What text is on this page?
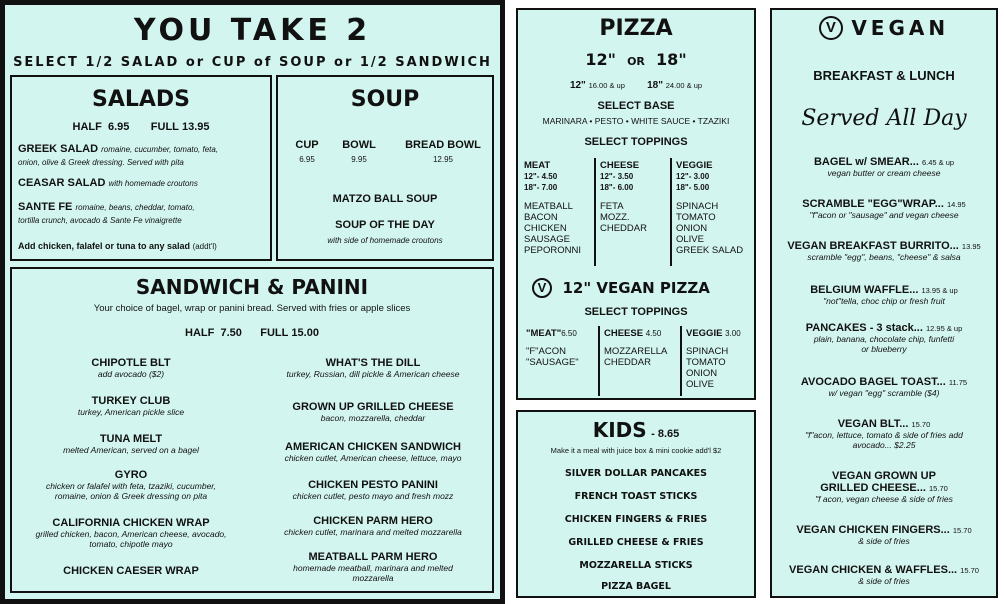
YOU TAKE 2
SELECT 1/2 SALAD or CUP of SOUP or 1/2 SANDWICH
SALADS
HALF 6.95 FULL 13.95
GREEK SALAD romaine, cucumber, tomato, feta,
onion, olive & Greek dressing. Served with pita
CEASAR SALAD with homemade croutons
SANTE FE romaine, beans, cheddar, tomato,
tortilla crunch, avocado & Sante Fe vinaigrette
Add chicken, falafel or tuna to any salad (addt'l)
SOUP
CUP
6.95
BOWL
9.95
BREAD BOWL
12.95
MATZO BALL SOUP
SOUP OF THE DAY
with side of homemade croutons
SANDWICH & PANINI
Your choice of bagel, wrap or panini bread. Served with fries or apple slices
HALF 7.50 FULL 15.00
CHIPOTLE BLT
add avocado ($2)
TURKEY CLUB
turkey, American pickle slice
TUNA MELT
melted American, served on a bagel
GYRO
chicken or falafel with feta, tzaziki, cucumber,
romaine, onion & Greek dressing on pita
CALIFORNIA CHICKEN WRAP
grilled chicken, bacon, American cheese, avocado,
tomato, chipotle mayo
CHICKEN CAESER WRAP
WHAT'S THE DILL
turkey, Russian, dill pickle & American cheese
GROWN UP GRILLED CHEESE
bacon, mozzarella, cheddar
AMERICAN CHICKEN SANDWICH
chicken cutlet, American cheese, lettuce, mayo
CHICKEN PESTO PANINI
chicken cutlet, pesto mayo and fresh mozz
CHICKEN PARM HERO
chicken cutlet, marinara and melted mozzarella
MEATBALL PARM HERO
homemade meatball, marinara and melted
mozzarella
PIZZA
12" OR 18"
12" 16.00 & up 18" 24.00 & up
SELECT BASE
MARINARA • PESTO • WHITE SAUCE • TZAZIKI
SELECT TOPPINGS
MEAT
12"- 4.50
18"- 7.00
MEATBALL
BACON
CHICKEN
SAUSAGE
PEPORONNI
CHEESE
12"- 3.50
18"- 6.00
FETA
MOZZ.
CHEDDAR
VEGGIE
12"- 3.00
18"- 5.00
SPINACH
TOMATO
ONION
OLIVE
GREEK SALAD
V 12" VEGAN PIZZA
SELECT TOPPINGS
"MEAT"6.50
"F"ACON
"SAUSAGE"
CHEESE 4.50
MOZZARELLA
CHEDDAR
VEGGIE 3.00
SPINACH
TOMATO
ONION
OLIVE
KIDS - 8.65
Make it a meal with juice box & mini cookie add'l $2
SILVER DOLLAR PANCAKES
FRENCH TOAST STICKS
CHICKEN FINGERS & FRIES
GRILLED CHEESE & FRIES
MOZZARELLA STICKS
PIZZA BAGEL
V VEGAN
BREAKFAST & LUNCH
Served All Day
BAGEL w/ SMEAR... 6.45 & up
vegan butter or cream cheese
SCRAMBLE "EGG"WRAP... 14.95
"f"acon or "sausage" and vegan cheese
VEGAN BREAKFAST BURRITO... 13.95
scramble "egg", beans, "cheese" & salsa
BELGIUM WAFFLE... 13.95 & up
"not"tella, choc chip or fresh fruit
PANCAKES - 3 stack... 12.95 & up
plain, banana, chocolate chip, funfetti
or blueberry
AVOCADO BAGEL TOAST... 11.75
w/ vegan "egg" scramble ($4)
VEGAN BLT... 15.70
"f"acon, lettuce, tomato & side of fries add
avocado... $2.25
VEGAN GROWN UP
GRILLED CHEESE... 15.70
"f acon, vegan cheese & side of fries
VEGAN CHICKEN FINGERS... 15.70
& side of fries
VEGAN CHICKEN & WAFFLES... 15.70
& side of fries
